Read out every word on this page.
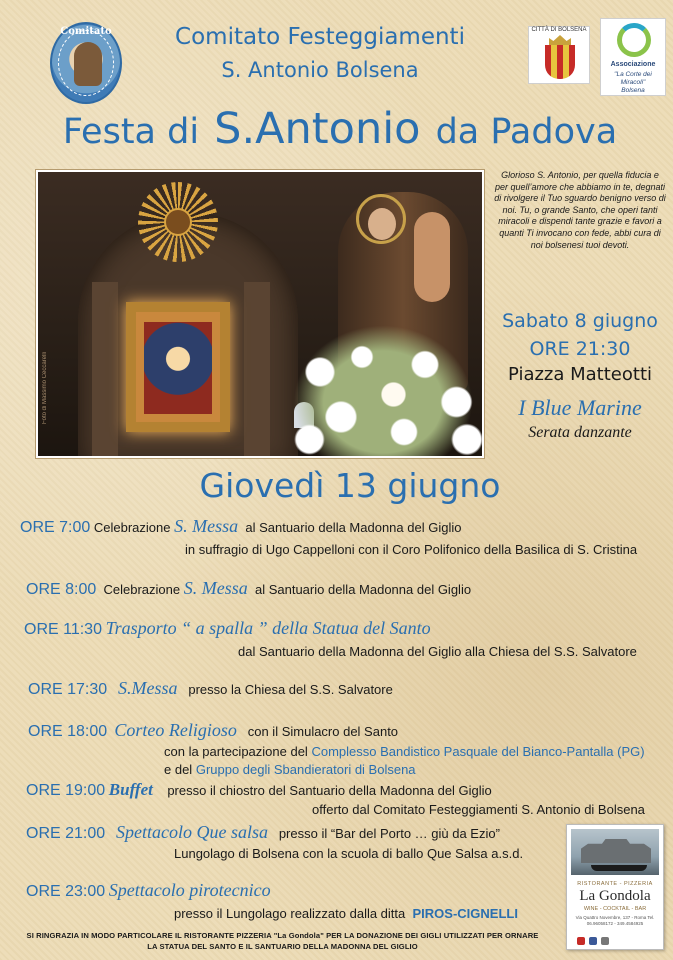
Comitato	Comitato Festeggiamenti
S. Antonio Bolsena
CITTÀ DI BOLSENA
Associazione
"La Corte dei Miracoli"
Bolsena
Festa di S.Antonio da Padova
Foto di Massimo Ceccarelli
Glorioso S. Antonio, per quella fiducia e per quell’amore che abbiamo in te, degnati di rivolgere il Tuo sguardo benigno verso di noi. Tu, o grande Santo, che operi tanti miracoli e dispendi tante grazie e favori a quanti Ti invocano con fede, abbi cura di noi bolsenesi tuoi devoti.
Sabato 8 giugno
ORE 21:30
Piazza Matteotti
I Blue Marine
Serata danzante
Giovedì 13 giugno
ORE 7:00 Celebrazione S. Messa al Santuario della Madonna del Giglio
in suffragio di Ugo Cappelloni con il Coro Polifonico della Basilica di S. Cristina
ORE 8:00 Celebrazione S. Messa al Santuario della Madonna del Giglio
ORE 11:30 Trasporto “ a spalla ” della Statua del Santo
dal Santuario della Madonna del Giglio alla Chiesa del S.S. Salvatore
ORE 17:30 S.Messa presso la Chiesa del S.S. Salvatore
ORE 18:00 Corteo Religioso con il Simulacro del Santo
con la partecipazione del Complesso Bandistico Pasquale del Bianco-Pantalla (PG)
e del Gruppo degli Sbandieratori di Bolsena
ORE 19:00 Buffet presso il chiostro del Santuario della Madonna del Giglio
offerto dal Comitato Festeggiamenti S. Antonio di Bolsena
ORE 21:00 Spettacolo Que salsa presso il “Bar del Porto … giù da Ezio”
Lungolago di Bolsena con la scuola di ballo Que Salsa a.s.d.
ORE 23:00 Spettacolo pirotecnico
presso il Lungolago realizzato dalla ditta PIROS-CIGNELLI
RISTORANTE - PIZZERIA
La Gondola
WINE - COCKTAIL - BAR
Via Quattro Novembre, 137 - Roma Tel. 06.96058172 - 349.4584925
SI RINGRAZIA IN MODO PARTICOLARE IL RISTORANTE PIZZERIA "La Gondola" PER LA DONAZIONE DEI GIGLI UTILIZZATI PER ORNARE
LA STATUA DEL SANTO E IL SANTUARIO DELLA MADONNA DEL GIGLIO
